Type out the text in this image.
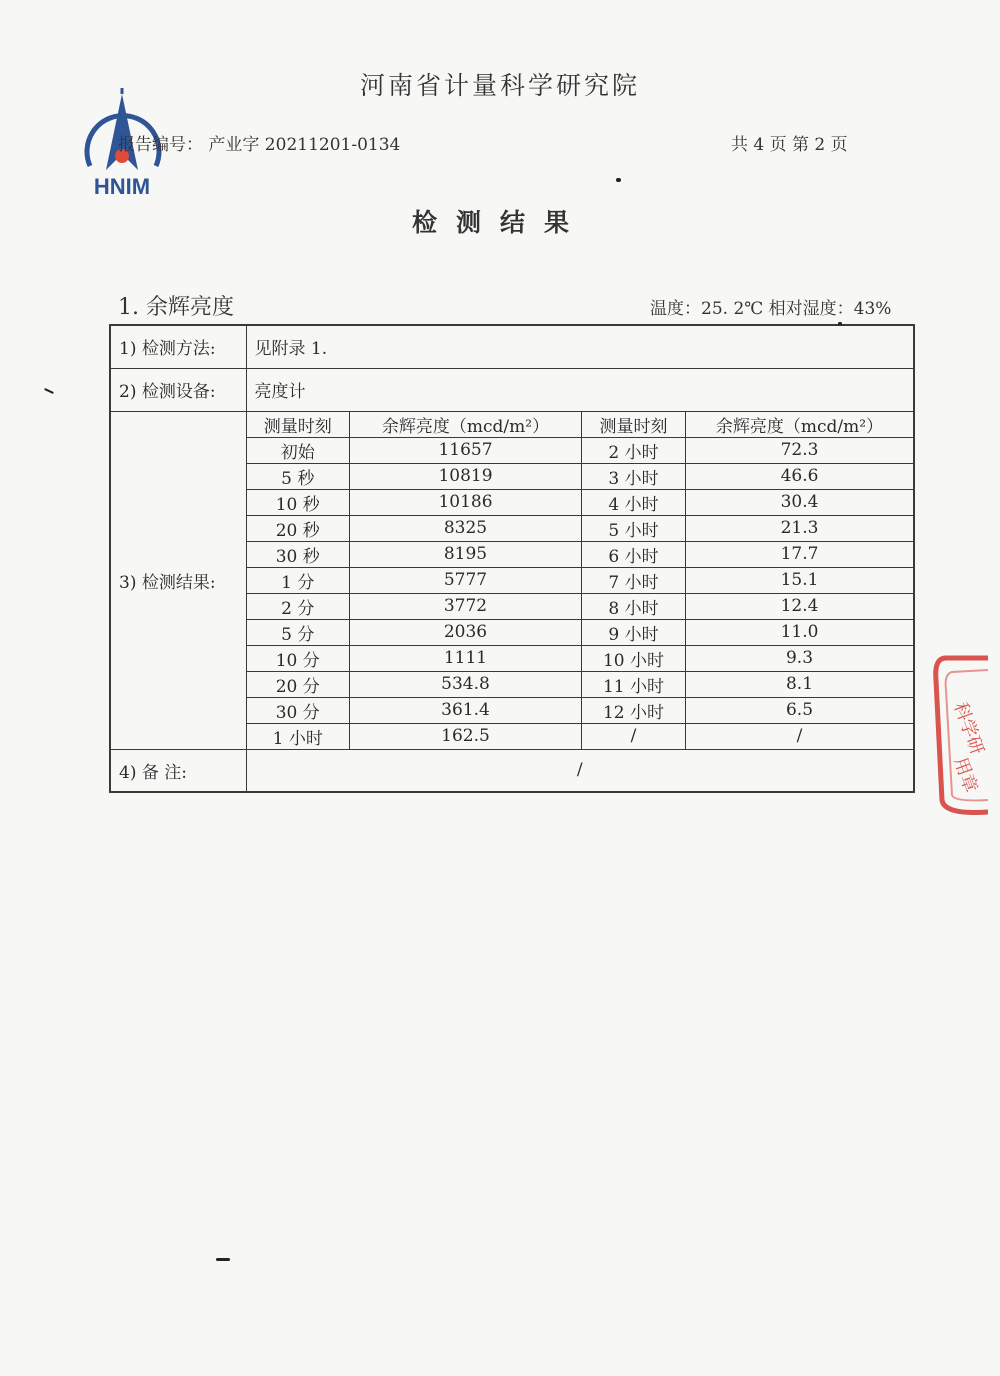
河南省计量科学研究院
HNIM
报告编号： 产业字 20211201-0134	共 4 页 第 2 页
检测结果
1. 余辉亮度	温度：25. 2℃ 相对湿度：43%
1) 检测方法:	见附录 1.
2) 检测设备:	亮度计
3) 检测结果:	
测量时刻	余辉亮度（mcd/m²）	测量时刻	余辉亮度（mcd/m²）
初始	11657	2 小时	72.3
5 秒	10819	3 小时	46.6
10 秒	10186	4 小时	30.4
20 秒	8325	5 小时	21.3
30 秒	8195	6 小时	17.7
1 分	5777	7 小时	15.1
2 分	3772	8 小时	12.4
5 分	2036	9 小时	11.0
10 分	1111	10 小时	9.3
20 分	534.8	11 小时	8.1
30 分	361.4	12 小时	6.5
1 小时	162.5	/	/

4) 备 注:	/
科学研
用章
